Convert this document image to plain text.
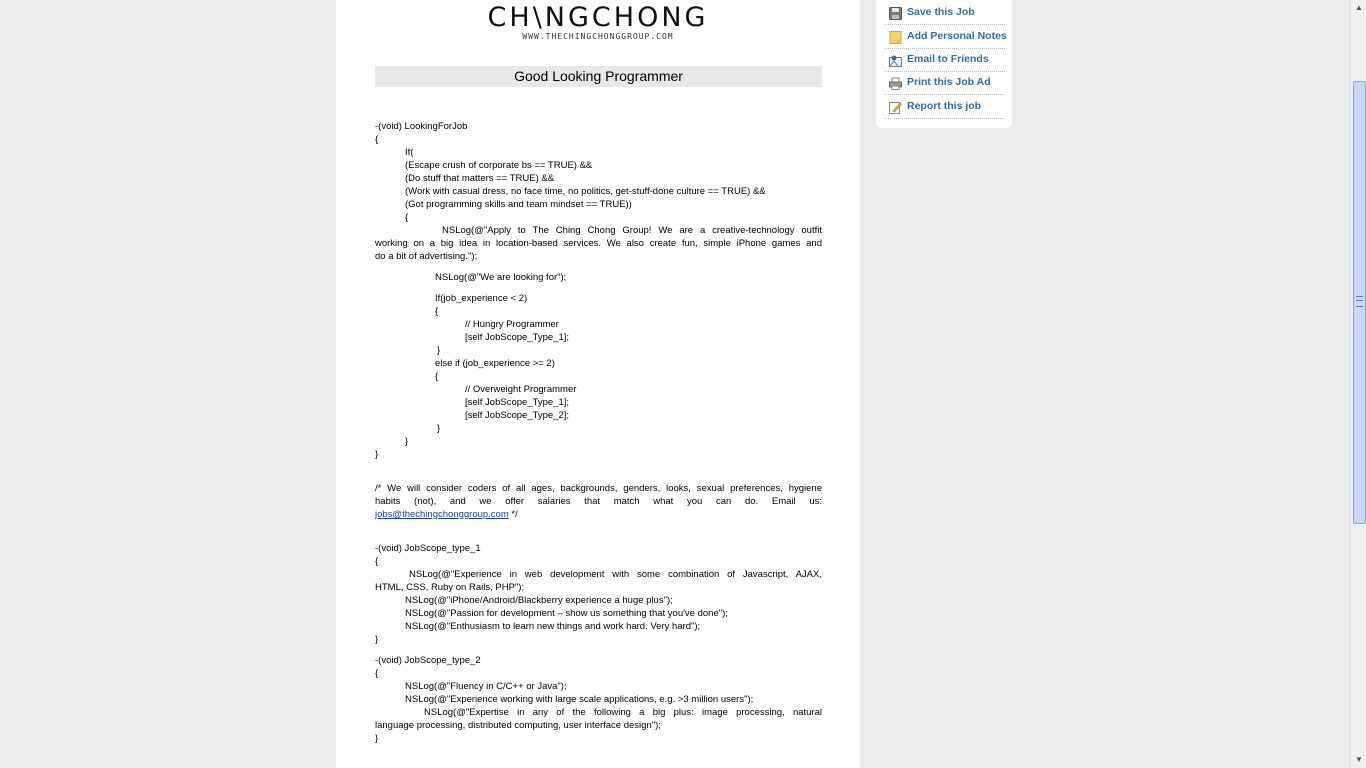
CH\NGCHONG
WWW.THECHINGCHONGGROUP.COM
Good Looking Programmer
-(void) LookingForJob
{
If(
(Escape crush of corporate bs == TRUE) &&
(Do stuff that matters == TRUE) &&
(Work with casual dress, no face time, no politics, get-stuff-done culture == TRUE) &&
(Got programming skills and team mindset == TRUE))
{
NSLog(@"Apply to The Ching Chong Group! We are a creative-technology outfit
working on a big idea in location-based services. We also create fun, simple iPhone games and
do a bit of advertising.");
NSLog(@"We are looking for");
If(job_experience < 2)
{
// Hungry Programmer
[self JobScope_Type_1];
}
else if (job_experience >= 2)
{
// Overweight Programmer
[self JobScope_Type_1];
[self JobScope_Type_2];
}
}
}
/* We will consider coders of all ages, backgrounds, genders, looks, sexual preferences, hygiene
habits (not), and we offer salaries that match what you can do. Email us:
jobs@thechingchonggroup.com */
-(void) JobScope_type_1
{
NSLog(@"Experience in web development with some combination of Javascript, AJAX,
HTML, CSS, Ruby on Rails, PHP");
NSLog(@"iPhone/Android/Blackberry experience a huge plus");
NSLog(@"Passion for development – show us something that you've done");
NSLog(@"Enthusiasm to learn new things and work hard. Very hard");
}
-(void) JobScope_type_2
{
NSLog(@"Fluency in C/C++ or Java");
NSLog(@"Experience working with large scale applications, e.g. >3 million users");
NSLog(@"Expertise in any of the following a big plus: image processing, natural
language processing, distributed computing, user interface design");
}
Save this Job
Add Personal Notes
Email to Friends
Print this Job Ad
Report this job
▲
▼
